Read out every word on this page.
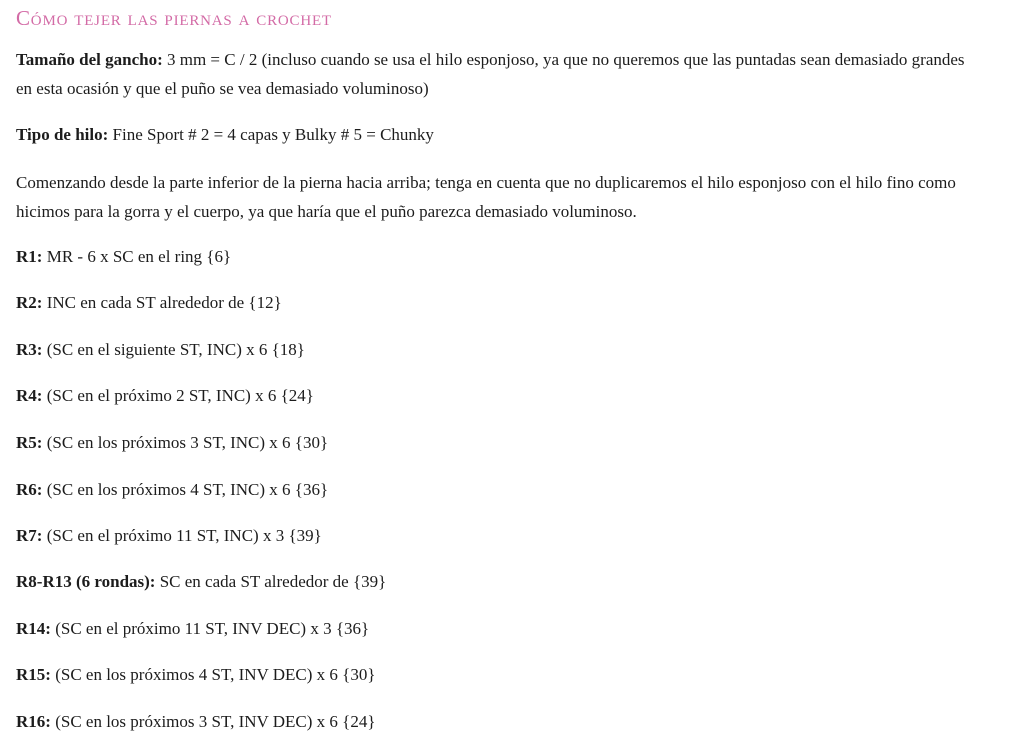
Cómo tejer las piernas a crochet

Tamaño del gancho: 3 mm = C / 2 (incluso cuando se usa el hilo esponjoso, ya que no queremos que las puntadas sean demasiado grandes en esta ocasión y que el puño se vea demasiado voluminoso)

Tipo de hilo: Fine Sport # 2 = 4 capas y Bulky # 5 = Chunky

Comenzando desde la parte inferior de la pierna hacia arriba; tenga en cuenta que no duplicaremos el hilo esponjoso con el hilo fino como hicimos para la gorra y el cuerpo, ya que haría que el puño parezca demasiado voluminoso.

R1: MR - 6 x SC en el ring {6}

R2: INC en cada ST alrededor de {12}

R3: (SC en el siguiente ST, INC) x 6 {18}

R4: (SC en el próximo 2 ST, INC) x 6 {24}

R5: (SC en los próximos 3 ST, INC) x 6 {30}

R6: (SC en los próximos 4 ST, INC) x 6 {36}

R7: (SC en el próximo 11 ST, INC) x 3 {39}

R8-R13 (6 rondas): SC en cada ST alrededor de {39}

R14: (SC en el próximo 11 ST, INV DEC) x 3 {36}

R15: (SC en los próximos 4 ST, INV DEC) x 6 {30}

R16: (SC en los próximos 3 ST, INV DEC) x 6 {24}
